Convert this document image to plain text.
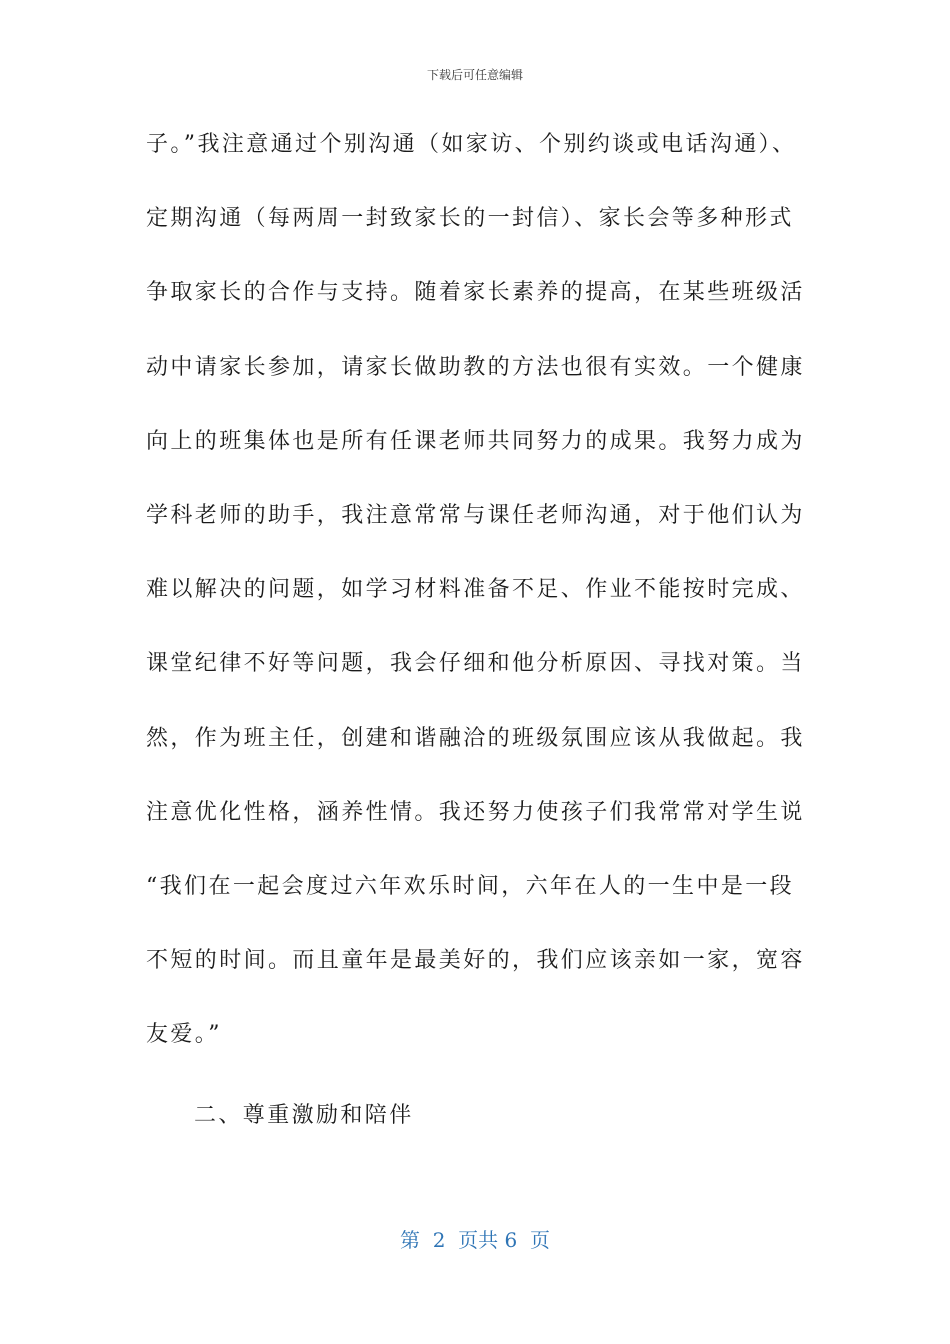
下载后可任意编辑
子。”我注意通过个别沟通（如家访、个别约谈或电话沟通）、
定期沟通（每两周一封致家长的一封信）、家长会等多种形式
争取家长的合作与支持。随着家长素养的提高，在某些班级活
动中请家长参加，请家长做助教的方法也很有实效。一个健康
向上的班集体也是所有任课老师共同努力的成果。我努力成为
学科老师的助手，我注意常常与课任老师沟通，对于他们认为
难以解决的问题，如学习材料准备不足、作业不能按时完成、
课堂纪律不好等问题，我会仔细和他分析原因、寻找对策。当
然，作为班主任，创建和谐融洽的班级氛围应该从我做起。我
注意优化性格，涵养性情。我还努力使孩子们我常常对学生说
“我们在一起会度过六年欢乐时间，六年在人的一生中是一段
不短的时间。而且童年是最美好的，我们应该亲如一家，宽容
友爱。”
二、尊重激励和陪伴
第  2  页共 6  页
